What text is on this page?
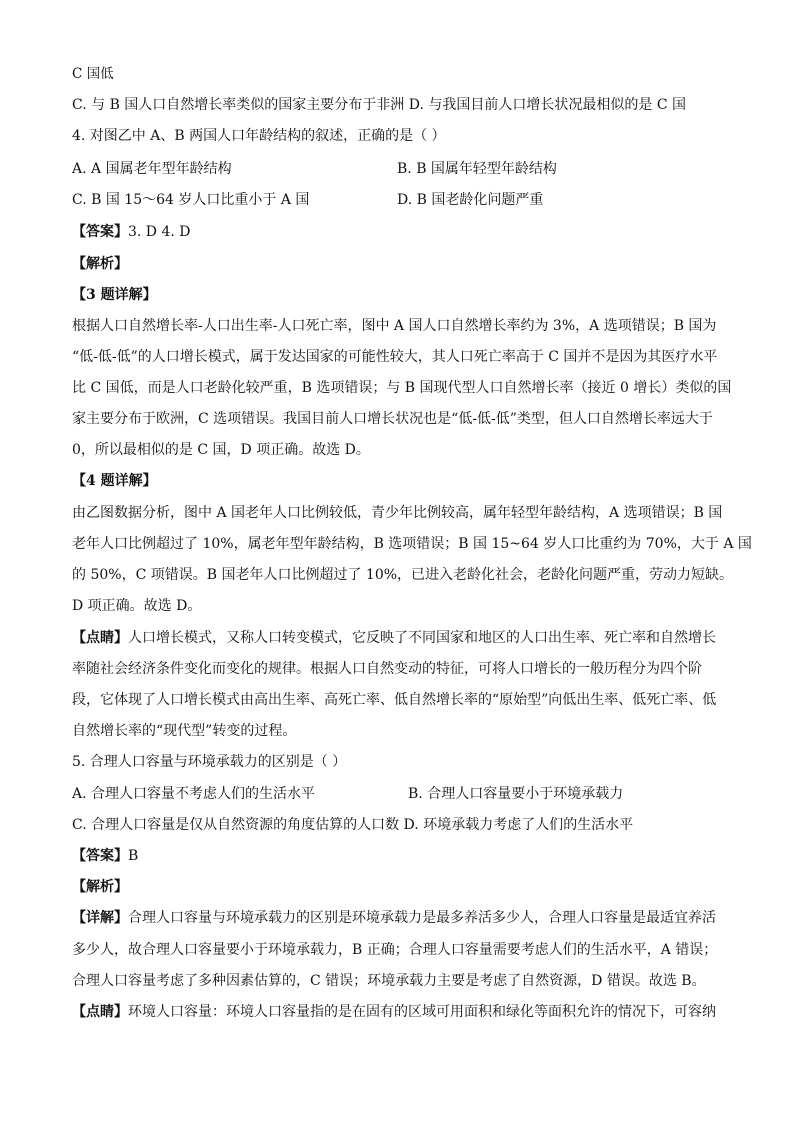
C 国低
C. 与 B 国人口自然增长率类似的国家主要分布于非洲 D. 与我国目前人口增长状况最相似的是 C 国
4. 对图乙中 A、B 两国人口年龄结构的叙述，正确的是（ ）
A. A 国属老年型年龄结构	B. B 国属年轻型年龄结构
C. B 国 15～64 岁人口比重小于 A 国	D. B 国老龄化问题严重
【答案】3. D 4. D
【解析】
【3 题详解】
根据人口自然增长率-人口出生率-人口死亡率，图中 A 国人口自然增长率约为 3%，A 选项错误；B 国为
“低-低-低”的人口增长模式，属于发达国家的可能性较大，其人口死亡率高于 C 国并不是因为其医疗水平
比 C 国低，而是人口老龄化较严重，B 选项错误；与 B 国现代型人口自然增长率（接近 0 增长）类似的国
家主要分布于欧洲，C 选项错误。我国目前人口增长状况也是“低-低-低”类型，但人口自然增长率远大于
0，所以最相似的是 C 国，D 项正确。故选 D。
【4 题详解】
由乙图数据分析，图中 A 国老年人口比例较低，青少年比例较高，属年轻型年龄结构，A 选项错误；B 国
老年人口比例超过了 10%，属老年型年龄结构，B 选项错误；B 国 15~64 岁人口比重约为 70%，大于 A 国
的 50%，C 项错误。B 国老年人口比例超过了 10%，已进入老龄化社会，老龄化问题严重，劳动力短缺。
D 项正确。故选 D。
【点睛】人口增长模式，又称人口转变模式，它反映了不同国家和地区的人口出生率、死亡率和自然增长
率随社会经济条件变化而变化的规律。根据人口自然变动的特征，可将人口增长的一般历程分为四个阶
段，它体现了人口增长模式由高出生率、高死亡率、低自然增长率的“原始型”向低出生率、低死亡率、低
自然增长率的“现代型”转变的过程。
5. 合理人口容量与环境承载力的区别是（ ）
A. 合理人口容量不考虑人们的生活水平	B. 合理人口容量要小于环境承载力
C. 合理人口容量是仅从自然资源的角度估算的人口数 D. 环境承载力考虑了人们的生活水平
【答案】B
【解析】
【详解】合理人口容量与环境承载力的区别是环境承载力是最多养活多少人，合理人口容量是最适宜养活
多少人，故合理人口容量要小于环境承载力，B 正确；合理人口容量需要考虑人们的生活水平，A 错误；
合理人口容量考虑了多种因素估算的，C 错误；环境承载力主要是考虑了自然资源，D 错误。故选 B。
【点睛】环境人口容量：环境人口容量指的是在固有的区域可用面积和绿化等面积允许的情况下，可容纳
